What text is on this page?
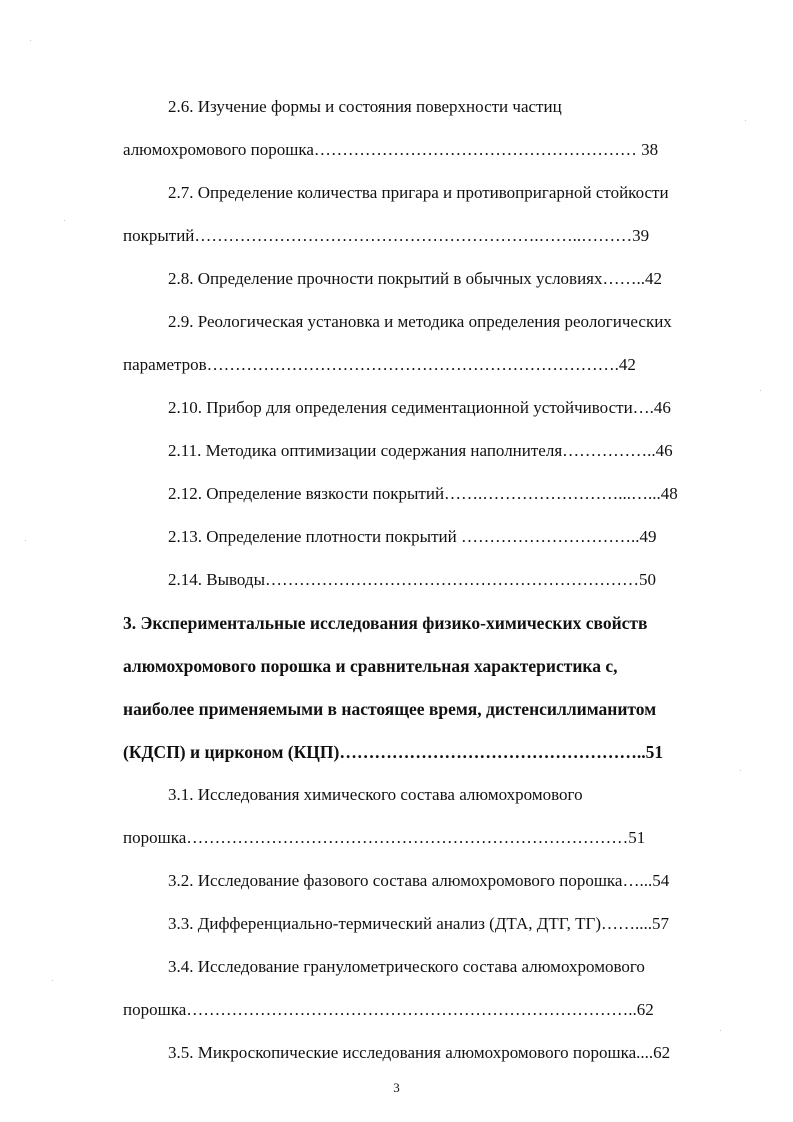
2.6. Изучение формы и состояния поверхности частиц
алюмохромового порошка………………………………………………… 38
2.7. Определение количества пригара и противопригарной стойкости
покрытий…………………………………………………….……..………39
2.8. Определение прочности покрытий в обычных условиях……..42
2.9. Реологическая установка и методика определения реологических
параметров……………………………………………………………….42
2.10. Прибор для определения седиментационной устойчивости….46
2.11. Методика оптимизации содержания наполнителя……………..46
2.12. Определение вязкости покрытий…….……………………...…...48
2.13. Определение плотности покрытий …………………………..49
2.14. Выводы…………………………………………………………50
3. Экспериментальные исследования физико-химических свойств
алюмохромового порошка и сравнительная характеристика с,
наиболее применяемыми в настоящее время, дистенсиллиманитом
(КДСП) и цирконом (КЦП)……………………………………………..51
3.1. Исследования химического состава алюмохромового
порошка……………………………………………………………………51
3.2. Исследование фазового состава алюмохромового порошка…...54
3.3. Дифференциально-термический анализ (ДТА, ДТГ, ТГ)……....57
3.4. Исследование гранулометрического состава алюмохромового
порошка……………………………………………………………………..62
3.5. Микроскопические исследования алюмохромового порошка....62
3
